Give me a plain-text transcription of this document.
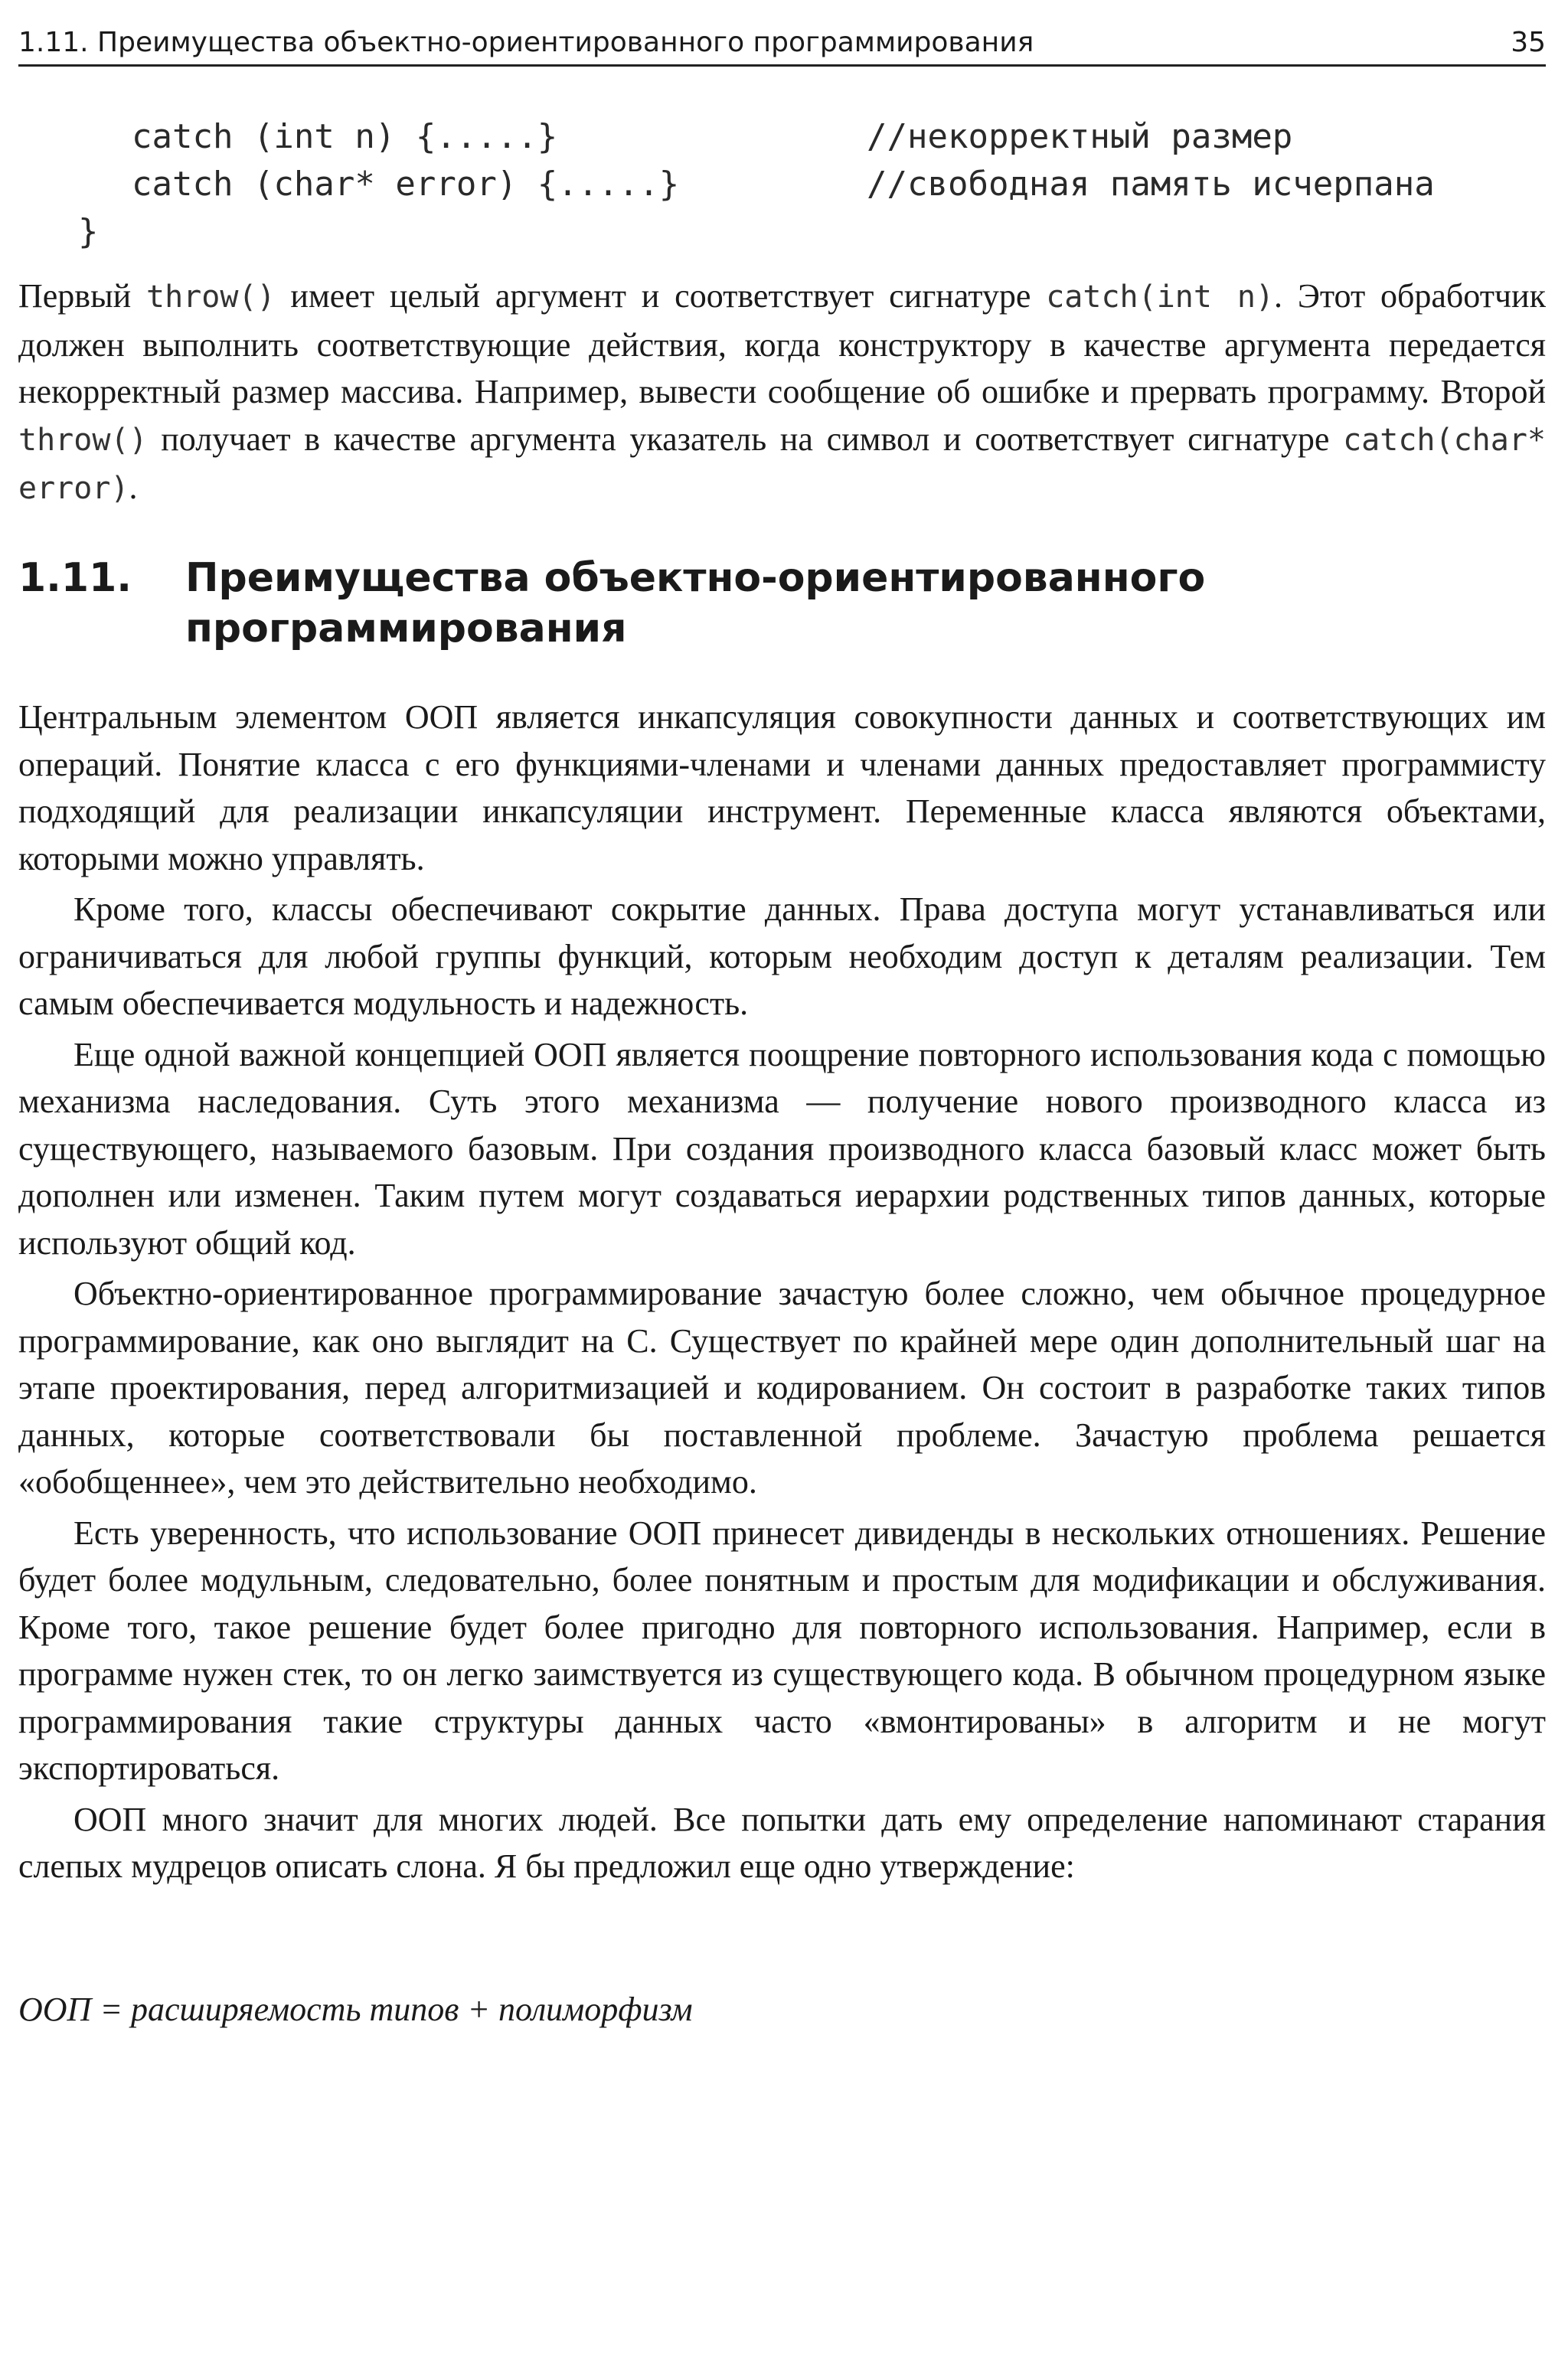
1.11. Преимущества объектно-ориентированного программирования	35

catch (int n) {.....}

	//некорректный размер

catch (char* error) {.....}

	//свободная память исчерпана

}

Первый throw() имеет целый аргумент и соответствует сигнатуре catch(int n). Этот обработчик должен выполнить соответствующие действия, когда конструктору в качестве аргумента передается некорректный размер массива. Например, вывести сообщение об ошибке и прервать программу. Второй throw() получает в качестве аргумента указатель на символ и соответствует сигнатуре catch(char* error).

1.11. Преимущества объектно-ориентированного программирования

Центральным элементом ООП является инкапсуляция совокупности данных и соответствующих им операций. Понятие класса с его функциями-членами и членами данных предоставляет программисту подходящий для реализации инкапсуляции инструмент. Переменные класса являются объектами, которыми можно управлять.

Кроме того, классы обеспечивают сокрытие данных. Права доступа могут устанавливаться или ограничиваться для любой группы функций, которым необходим доступ к деталям реализации. Тем самым обеспечивается модульность и надежность.

Еще одной важной концепцией ООП является поощрение повторного использования кода с помощью механизма наследования. Суть этого механизма — получение нового производного класса из существующего, называемого базовым. При создания производного класса базовый класс может быть дополнен или изменен. Таким путем могут создаваться иерархии родственных типов данных, которые используют общий код.

Объектно-ориентированное программирование зачастую более сложно, чем обычное процедурное программирование, как оно выглядит на С. Существует по крайней мере один дополнительный шаг на этапе проектирования, перед алгоритмизацией и кодированием. Он состоит в разработке таких типов данных, которые соответствовали бы поставленной проблеме. Зачастую проблема решается «обобщеннее», чем это действительно необходимо.

Есть уверенность, что использование ООП принесет дивиденды в нескольких отношениях. Решение будет более модульным, следовательно, более понятным и простым для модификации и обслуживания. Кроме того, такое решение будет более пригодно для повторного использования. Например, если в программе нужен стек, то он легко заимствуется из существующего кода. В обычном процедурном языке программирования такие структуры данных часто «вмонтированы» в алгоритм и не могут экспортироваться.

ООП много значит для многих людей. Все попытки дать ему определение напоминают старания слепых мудрецов описать слона. Я бы предложил еще одно утверждение:

ООП = расширяемость типов + полиморфизм
